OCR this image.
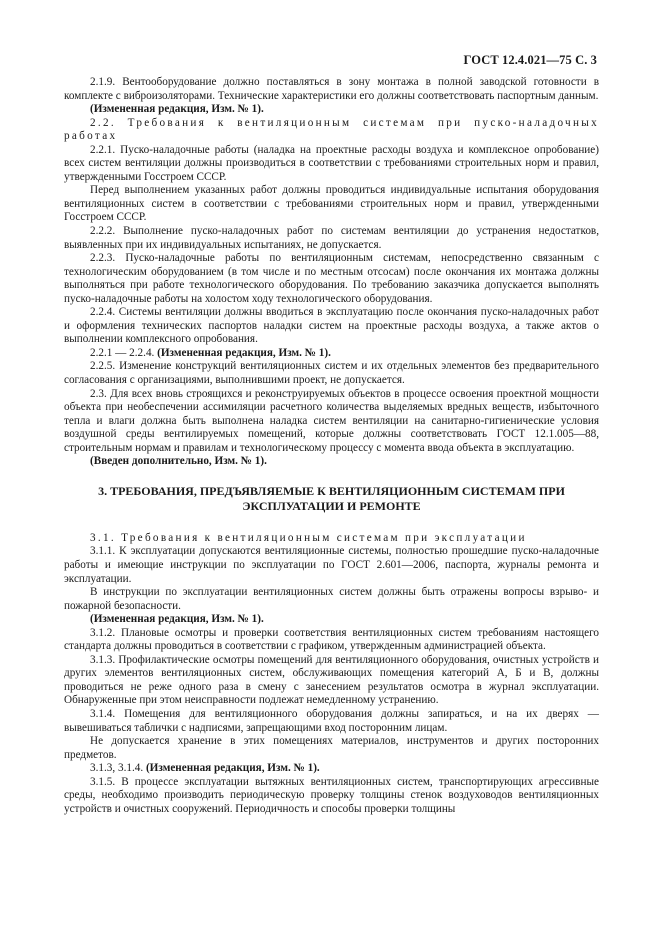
ГОСТ 12.4.021—75 С. 3

2.1.9. Вентооборудование должно поставляться в зону монтажа в полной заводской готовности в комплекте с виброизоляторами. Технические характеристики его должны соответствовать паспортным данным.

(Измененная редакция, Изм. № 1).

2.2. Требования к вентиляционным системам при пуско-наладочных работах

2.2.1. Пуско-наладочные работы (наладка на проектные расходы воздуха и комплексное опробование) всех систем вентиляции должны производиться в соответствии с требованиями строительных норм и правил, утвержденными Госстроем СССР.

Перед выполнением указанных работ должны проводиться индивидуальные испытания оборудования вентиляционных систем в соответствии с требованиями строительных норм и правил, утвержденными Госстроем СССР.

2.2.2. Выполнение пуско-наладочных работ по системам вентиляции до устранения недостатков, выявленных при их индивидуальных испытаниях, не допускается.

2.2.3. Пуско-наладочные работы по вентиляционным системам, непосредственно связанным с технологическим оборудованием (в том числе и по местным отсосам) после окончания их монтажа должны выполняться при работе технологического оборудования. По требованию заказчика допускается выполнять пуско-наладочные работы на холостом ходу технологического оборудования.

2.2.4. Системы вентиляции должны вводиться в эксплуатацию после окончания пуско-наладочных работ и оформления технических паспортов наладки систем на проектные расходы воздуха, а также актов о выполнении комплексного опробования.

2.2.1 — 2.2.4. (Измененная редакция, Изм. № 1).

2.2.5. Изменение конструкций вентиляционных систем и их отдельных элементов без предварительного согласования с организациями, выполнившими проект, не допускается.

2.3. Для всех вновь строящихся и реконструируемых объектов в процессе освоения проектной мощности объекта при необеспечении ассимиляции расчетного количества выделяемых вредных веществ, избыточного тепла и влаги должна быть выполнена наладка систем вентиляции на санитарно-гигиенические условия воздушной среды вентилируемых помещений, которые должны соответствовать ГОСТ 12.1.005—88, строительным нормам и правилам и технологическому процессу с момента ввода объекта в эксплуатацию.

(Введен дополнительно, Изм. № 1).

3. ТРЕБОВАНИЯ, ПРЕДЪЯВЛЯЕМЫЕ К ВЕНТИЛЯЦИОННЫМ СИСТЕМАМ ПРИ ЭКСПЛУАТАЦИИ И РЕМОНТЕ

3.1. Требования к вентиляционным системам при эксплуатации

3.1.1. К эксплуатации допускаются вентиляционные системы, полностью прошедшие пуско-наладочные работы и имеющие инструкции по эксплуатации по ГОСТ 2.601—2006, паспорта, журналы ремонта и эксплуатации.

В инструкции по эксплуатации вентиляционных систем должны быть отражены вопросы взрыво- и пожарной безопасности.

(Измененная редакция, Изм. № 1).

3.1.2. Плановые осмотры и проверки соответствия вентиляционных систем требованиям настоящего стандарта должны проводиться в соответствии с графиком, утвержденным администрацией объекта.

3.1.3. Профилактические осмотры помещений для вентиляционного оборудования, очистных устройств и других элементов вентиляционных систем, обслуживающих помещения категорий А, Б и В, должны проводиться не реже одного раза в смену с занесением результатов осмотра в журнал эксплуатации. Обнаруженные при этом неисправности подлежат немедленному устранению.

3.1.4. Помещения для вентиляционного оборудования должны запираться, и на их дверях — вывешиваться таблички с надписями, запрещающими вход посторонним лицам.

Не допускается хранение в этих помещениях материалов, инструментов и других посторонних предметов.

3.1.3, 3.1.4. (Измененная редакция, Изм. № 1).

3.1.5. В процессе эксплуатации вытяжных вентиляционных систем, транспортирующих агрессивные среды, необходимо производить периодическую проверку толщины стенок воздуховодов вентиляционных устройств и очистных сооружений. Периодичность и способы проверки толщины
